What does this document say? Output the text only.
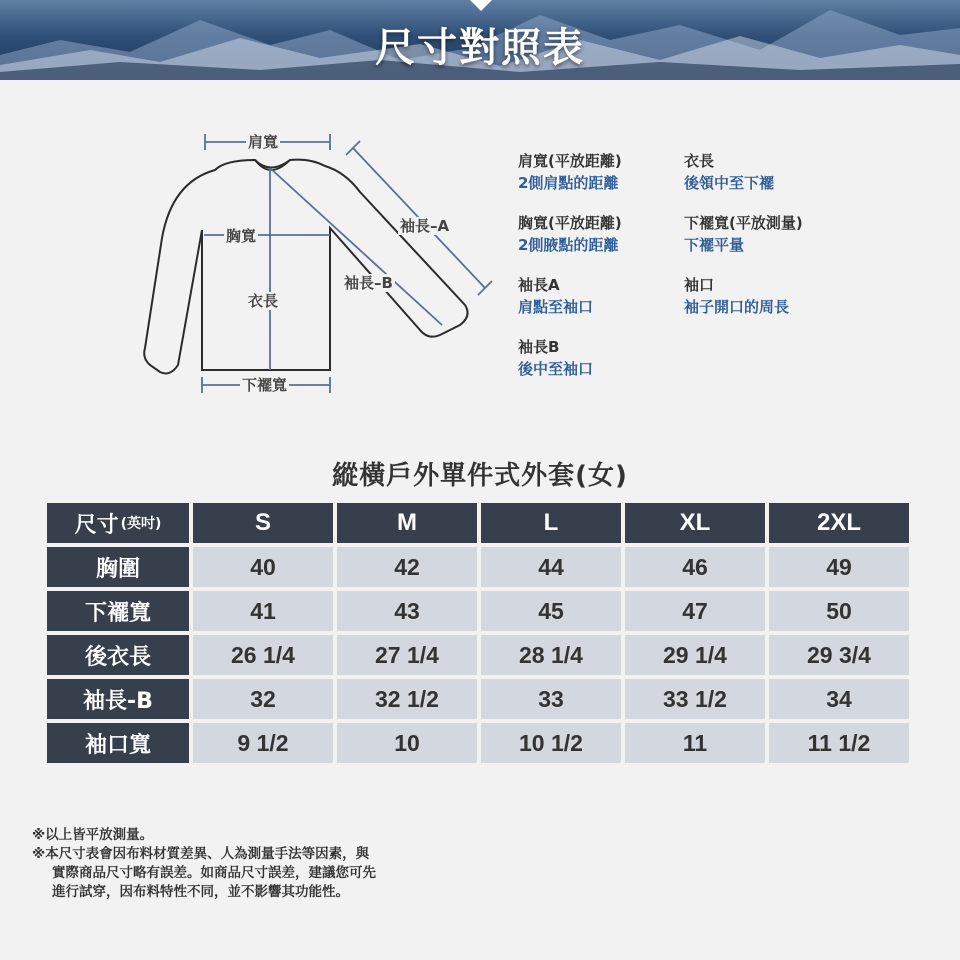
尺寸對照表
肩寬
胸寬
衣長
袖長–A
袖長–B
下襬寬
肩寬(平放距離)
2側肩點的距離
衣長
後領中至下襬
胸寬(平放距離)
2側腋點的距離
下襬寬(平放測量)
下襬平量
袖長A
肩點至袖口
袖口
袖子開口的周長
袖長B
後中至袖口
縱橫戶外單件式外套(女)
尺寸 (英吋)	S	M	L	XL	2XL
胸圍	40	42	44	46	49
下襬寬	41	43	45	47	50
後衣長	26 1/4	27 1/4	28 1/4	29 1/4	29 3/4
袖長-B	32	32 1/2	33	33 1/2	34
袖口寬	9 1/2	10	10 1/2	11	11 1/2
※以上皆平放測量。
※本尺寸表會因布料材質差異、人為測量手法等因素，與
實際商品尺寸略有誤差。如商品尺寸誤差，建議您可先
進行試穿，因布料特性不同，並不影響其功能性。
